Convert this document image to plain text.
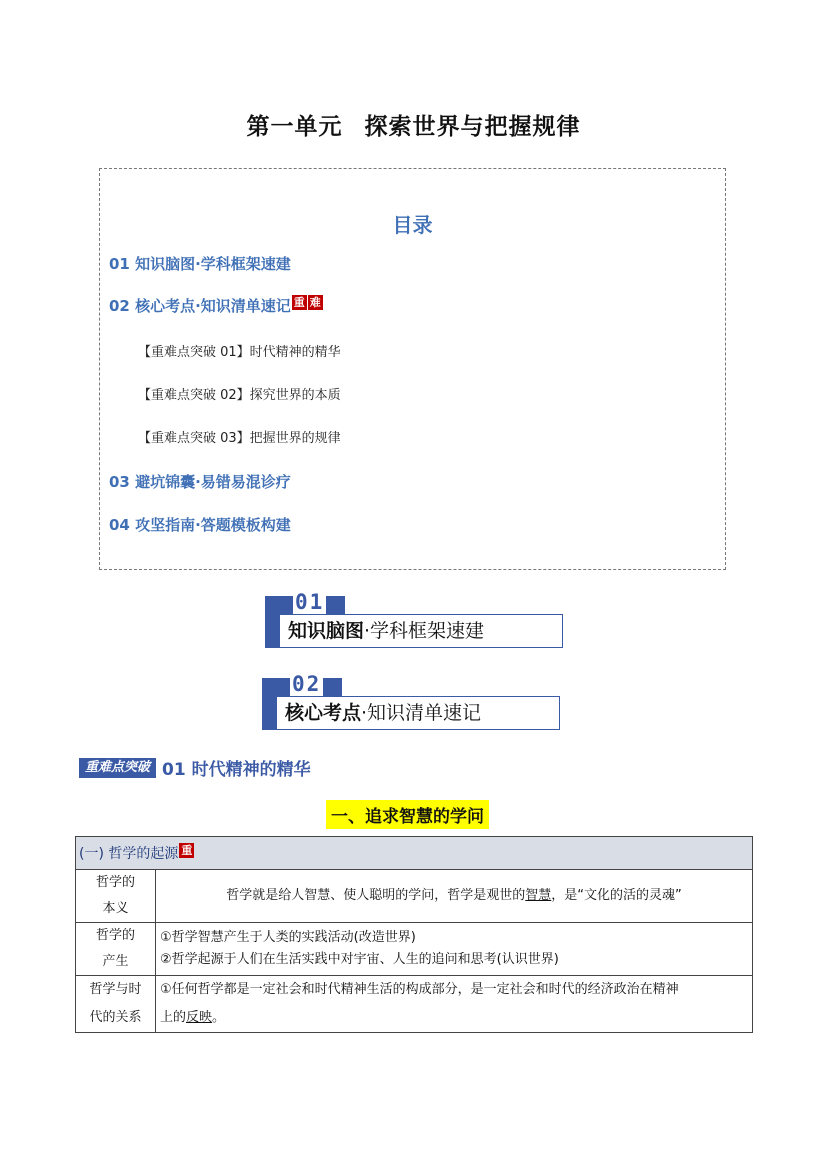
第一单元 探索世界与把握规律
目录
01 知识脑图·学科框架速建
02 核心考点·知识清单速记 重 难
【重难点突破 01】时代精神的精华
【重难点突破 02】探究世界的本质
【重难点突破 03】把握世界的规律
03 避坑锦囊·易错易混诊疗
04 攻坚指南·答题模板构建
01
知识脑图·学科框架速建
02
核心考点·知识清单速记
重难点突破 01 时代精神的精华
一、追求智慧的学问
(一) 哲学的起源 重	
哲学的
本义	哲学就是给人智慧、使人聪明的学问，哲学是观世的智慧，是“文化的活的灵魂”
哲学的
产生	①哲学智慧产生于人类的实践活动(改造世界)
②哲学起源于人们在生活实践中对宇宙、人生的追问和思考(认识世界)
哲学与时
代的关系	①任何哲学都是一定社会和时代精神生活的构成部分，是一定社会和时代的经济政治在精神
上的反映。
